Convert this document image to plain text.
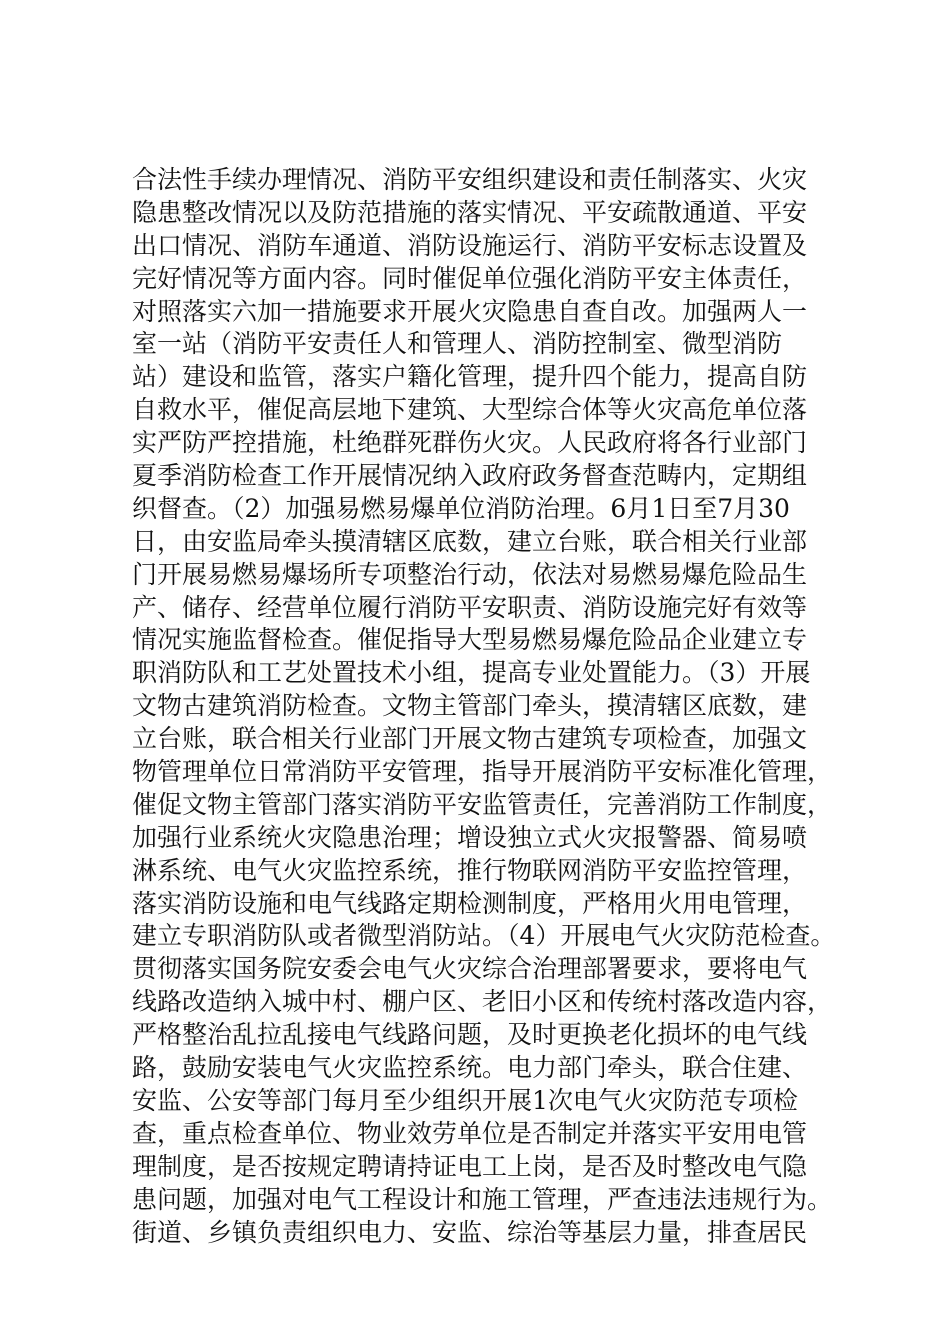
合法性手续办理情况、消防平安组织建设和责任制落实、火灾
隐患整改情况以及防范措施的落实情况、平安疏散通道、平安
出口情况、消防车通道、消防设施运行、消防平安标志设置及
完好情况等方面内容。同时催促单位强化消防平安主体责任，
对照落实六加一措施要求开展火灾隐患自查自改。加强两人一
室一站（消防平安责任人和管理人、消防控制室、微型消防
站）建设和监管，落实户籍化管理，提升四个能力，提高自防
自救水平，催促高层地下建筑、大型综合体等火灾高危单位落
实严防严控措施，杜绝群死群伤火灾。人民政府将各行业部门
夏季消防检查工作开展情况纳入政府政务督查范畴内，定期组
织督查。（2）加强易燃易爆单位消防治理。6月1日至7月30
日，由安监局牵头摸清辖区底数，建立台账，联合相关行业部
门开展易燃易爆场所专项整治行动，依法对易燃易爆危险品生
产、储存、经营单位履行消防平安职责、消防设施完好有效等
情况实施监督检查。催促指导大型易燃易爆危险品企业建立专
职消防队和工艺处置技术小组，提高专业处置能力。（3）开展
文物古建筑消防检查。文物主管部门牵头，摸清辖区底数，建
立台账，联合相关行业部门开展文物古建筑专项检查，加强文
物管理单位日常消防平安管理，指导开展消防平安标准化管理，
催促文物主管部门落实消防平安监管责任，完善消防工作制度，
加强行业系统火灾隐患治理；增设独立式火灾报警器、简易喷
淋系统、电气火灾监控系统，推行物联网消防平安监控管理，
落实消防设施和电气线路定期检测制度，严格用火用电管理，
建立专职消防队或者微型消防站。（4）开展电气火灾防范检查。
贯彻落实国务院安委会电气火灾综合治理部署要求，要将电气
线路改造纳入城中村、棚户区、老旧小区和传统村落改造内容，
严格整治乱拉乱接电气线路问题，及时更换老化损坏的电气线
路，鼓励安装电气火灾监控系统。电力部门牵头，联合住建、
安监、公安等部门每月至少组织开展1次电气火灾防范专项检
查，重点检查单位、物业效劳单位是否制定并落实平安用电管
理制度，是否按规定聘请持证电工上岗，是否及时整改电气隐
患问题，加强对电气工程设计和施工管理，严查违法违规行为。
街道、乡镇负责组织电力、安监、综治等基层力量，排查居民
